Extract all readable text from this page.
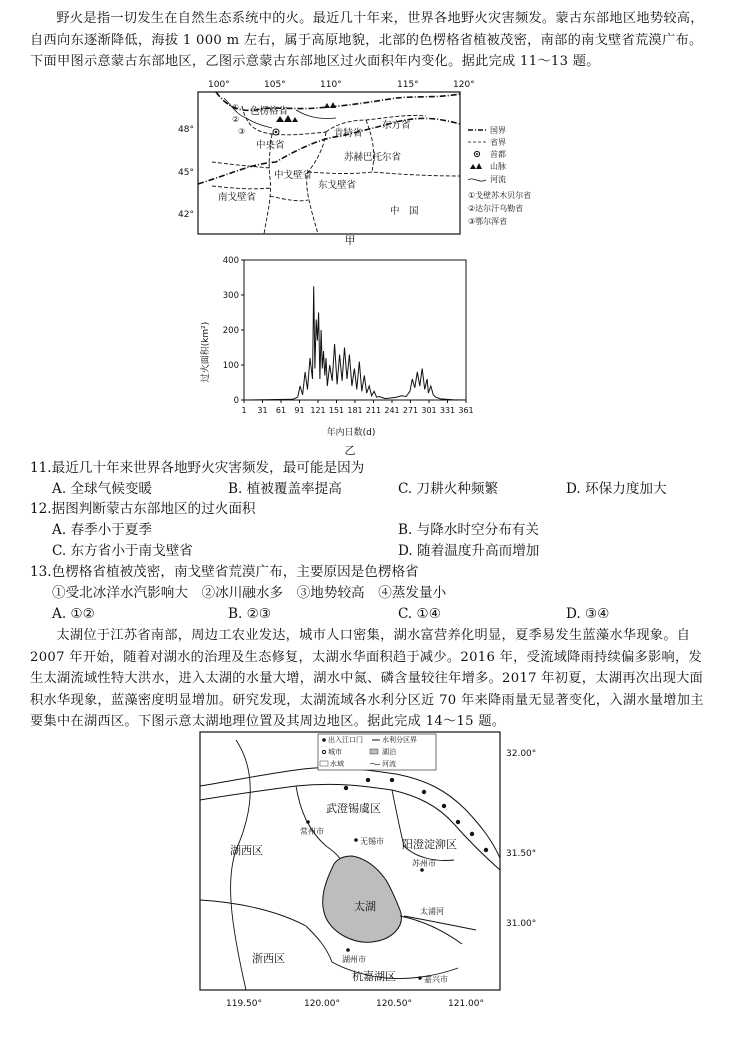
野火是指一切发生在自然生态系统中的火。最近几十年来，世界各地野火灾害频发。蒙古东部地区地势较高，自西向东逐渐降低，海拔 1 000 m 左右，属于高原地貌，北部的色楞格省植被茂密，南部的南戈壁省荒漠广布。下面甲图示意蒙古东部地区，乙图示意蒙古东部地区过火面积年内变化。据此完成 11～13 题。

100°	105°	110°	115°	120°
48°
45°
42°
色楞格省
中央省
肯特省
东方省
中戈壁省
苏赫巴托尔省
东戈壁省
南戈壁省
中　国
①
②
③	国界
省界
首都
山脉
河流
①戈壁苏木贝尔省
②达尔汗乌勒省
③鄂尔浑省
甲
0
100
200
300
400
1 31 61 91 121 151 181 211 241 271 301 331 361
过火面积(km²)
年内日数(d)
乙
11.最近几十年来世界各地野火灾害频发，最可能是因为
A. 全球气候变暖	B. 植被覆盖率提高	C. 刀耕火种频繁	D. 环保力度加大
12.据图判断蒙古东部地区的过火面积
A. 春季小于夏季	B. 与降水时空分布有关
C. 东方省小于南戈壁省	D. 随着温度升高而增加
13.色楞格省植被茂密，南戈壁省荒漠广布，主要原因是色楞格省
①受北冰洋水汽影响大　②冰川融水多　③地势较高　④蒸发量小
A. ①②	B. ②③	C. ①④	D. ③④

太湖位于江苏省南部，周边工农业发达，城市人口密集，湖水富营养化明显，夏季易发生蓝藻水华现象。自 2007 年开始，随着对湖水的治理及生态修复，太湖水华面积趋于减少。2016 年，受流域降雨持续偏多影响，发生太湖流域性特大洪水，进入太湖的水量大增，湖水中氮、磷含量较往年增多。2017 年初夏，太湖再次出现大面积水华现象，蓝藻密度明显增加。研究发现，太湖流域各水利分区近 70 年来降雨量无显著变化，入湖水量增加主要集中在湖西区。下图示意太湖地理位置及其周边地区。据此完成 14～15 题。

太湖	太浦河
武澄锡虞区
湖西区	阳澄淀泖区
浙西区
杭嘉湖区
常州市
无锡市
苏州市
湖州市
嘉兴市
出入江口门	水利分区界
城市	湖泊
水域	河流
32.00°
31.50°
31.00°
119.50°	120.00°	120.50°	121.00°
